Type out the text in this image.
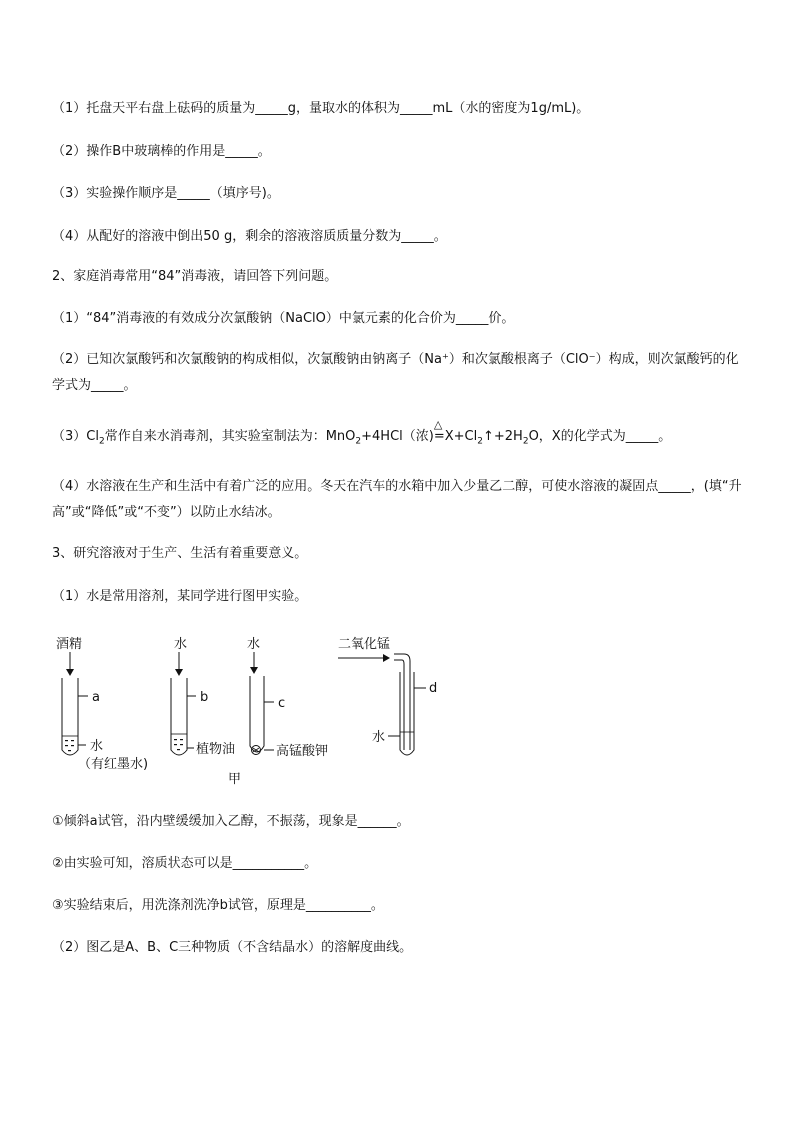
（1）托盘天平右盘上砝码的质量为_____g，量取水的体积为_____mL（水的密度为1g/mL)。
（2）操作B中玻璃棒的作用是_____。
（3）实验操作顺序是_____（填序号)。
（4）从配好的溶液中倒出50 g，剩余的溶液溶质质量分数为_____。
2、家庭消毒常用“84”消毒液，请回答下列问题。
（1）“84”消毒液的有效成分次氯酸钠（NaClO）中氯元素的化合价为_____价。
（2）已知次氯酸钙和次氯酸钠的构成相似，次氯酸钠由钠离子（Na⁺）和次氯酸根离子（ClO⁻）构成，则次氯酸钙的化学式为_____。
$(3)Cl_2$常作自来水消毒剂，其实验室制法为：MnO$_2$+4HCl（浓)
△
$=X+Cl_2↑+2H_2O$，X的化学式为_____。
（4）水溶液在生产和生活中有着广泛的应用。冬天在汽车的水箱中加入少量乙二醇，可使水溶液的凝固点_____，(填“升高”或“降低”或“不变”）以防止水结冰。
3、研究溶液对于生产、生活有着重要意义。
（1）水是常用溶剂，某同学进行图甲实验。
酒精
a
水
（有红墨水)
水
b
植物油
水
c
高锰酸钾
甲
二氧化锰
d
水
①倾斜a试管，沿内壁缓缓加入乙醇，不振荡，现象是______。
②由实验可知，溶质状态可以是___________。
③实验结束后，用洗涤剂洗净b试管，原理是__________。
（2）图乙是A、B、C三种物质（不含结晶水）的溶解度曲线。
